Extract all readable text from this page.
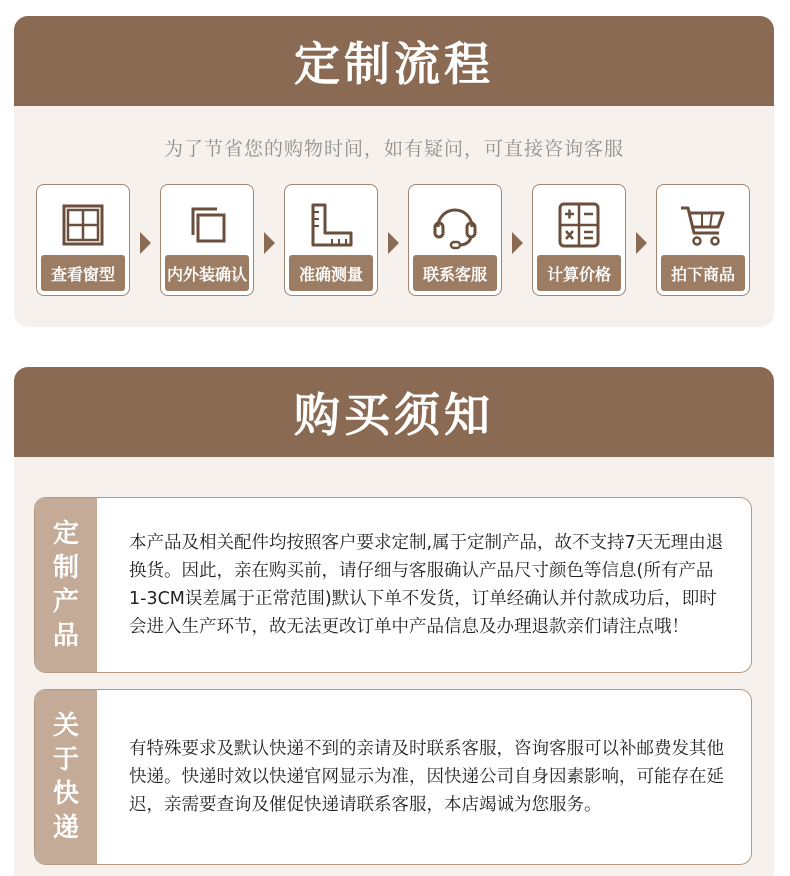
定制流程
为了节省您的购物时间，如有疑问，可直接咨询客服
查看窗型	内外装确认	准确测量	联系客服	计算价格	拍下商品
购买须知
定制产品
本产品及相关配件均按照客户要求定制,属于定制产品，故不支持7天无理由退换货。因此，亲在购买前，请仔细与客服确认产品尺寸颜色等信息(所有产品1-3CM误差属于正常范围)默认下单不发货，订单经确认并付款成功后，即时会进入生产环节，故无法更改订单中产品信息及办理退款亲们请注点哦！
关于快递
有特殊要求及默认快递不到的亲请及时联系客服，咨询客服可以补邮费发其他快递。快递时效以快递官网显示为准，因快递公司自身因素影响，可能存在延迟，亲需要查询及催促快递请联系客服，本店竭诚为您服务。
